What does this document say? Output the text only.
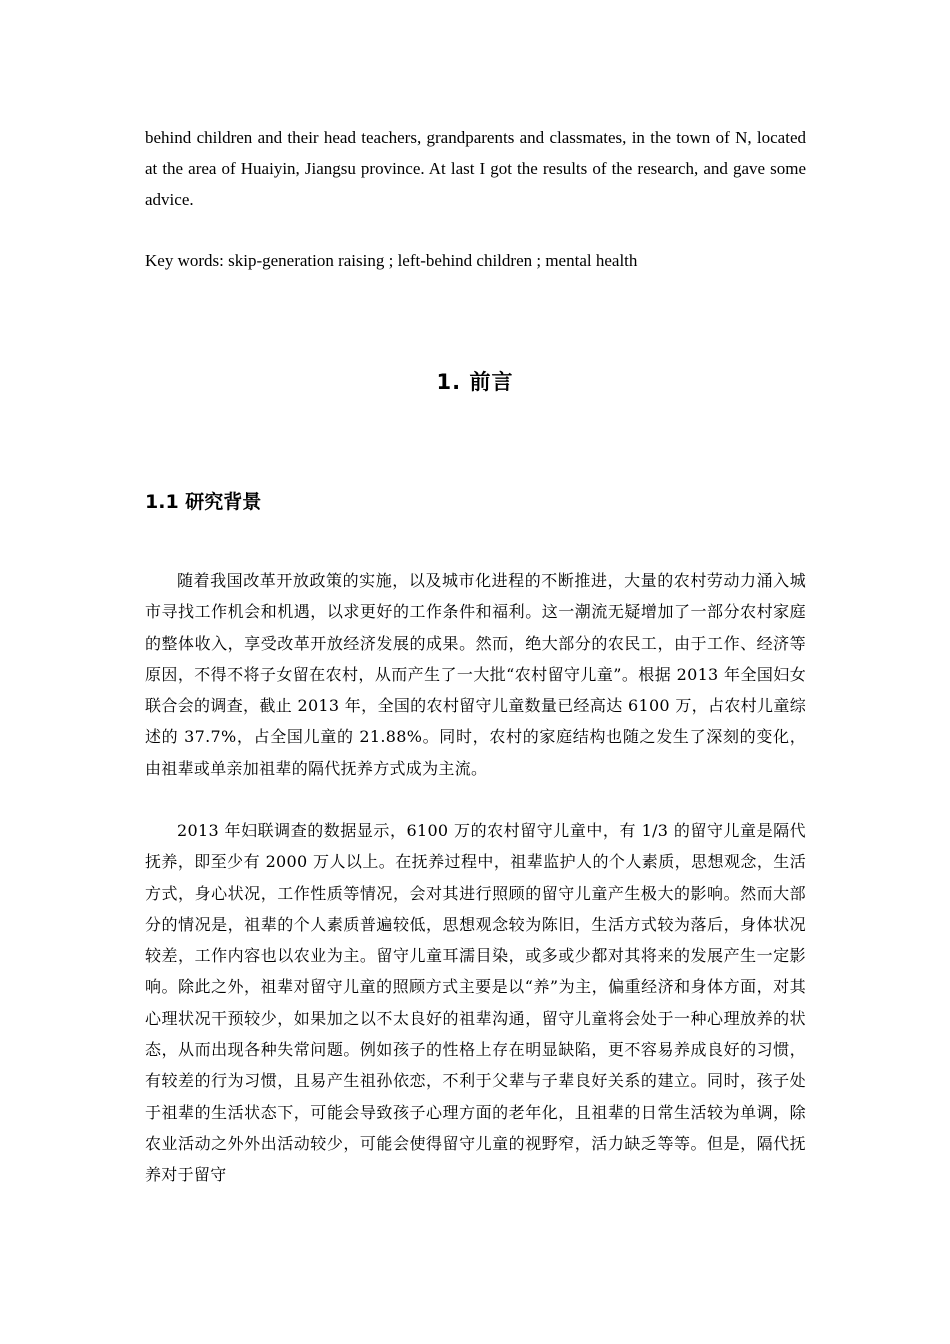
behind children and their head teachers, grandparents and classmates, in the town of N, located at the area of Huaiyin, Jiangsu province. At last I got the results of the research, and gave some advice.

Key words: skip-generation raising ; left-behind children ; mental health

1. 前言
1.1 研究背景

随着我国改革开放政策的实施，以及城市化进程的不断推进，大量的农村劳动力涌入城市寻找工作机会和机遇，以求更好的工作条件和福利。这一潮流无疑增加了一部分农村家庭的整体收入，享受改革开放经济发展的成果。然而，绝大部分的农民工，由于工作、经济等原因，不得不将子女留在农村，从而产生了一大批“农村留守儿童”。根据 2013 年全国妇女联合会的调查，截止 2013 年，全国的农村留守儿童数量已经高达 6100 万，占农村儿童综述的 37.7%，占全国儿童的 21.88%。同时，农村的家庭结构也随之发生了深刻的变化，由祖辈或单亲加祖辈的隔代抚养方式成为主流。

2013 年妇联调查的数据显示，6100 万的农村留守儿童中，有 1/3 的留守儿童是隔代抚养，即至少有 2000 万人以上。在抚养过程中，祖辈监护人的个人素质，思想观念，生活方式，身心状况，工作性质等情况，会对其进行照顾的留守儿童产生极大的影响。然而大部分的情况是，祖辈的个人素质普遍较低，思想观念较为陈旧，生活方式较为落后，身体状况较差，工作内容也以农业为主。留守儿童耳濡目染，或多或少都对其将来的发展产生一定影响。除此之外，祖辈对留守儿童的照顾方式主要是以“养”为主，偏重经济和身体方面，对其心理状况干预较少，如果加之以不太良好的祖辈沟通，留守儿童将会处于一种心理放养的状态，从而出现各种失常问题。例如孩子的性格上存在明显缺陷，更不容易养成良好的习惯，有较差的行为习惯，且易产生祖孙依恋，不利于父辈与子辈良好关系的建立。同时，孩子处于祖辈的生活状态下，可能会导致孩子心理方面的老年化，且祖辈的日常生活较为单调，除农业活动之外外出活动较少，可能会使得留守儿童的视野窄，活力缺乏等等。但是，隔代抚养对于留守
